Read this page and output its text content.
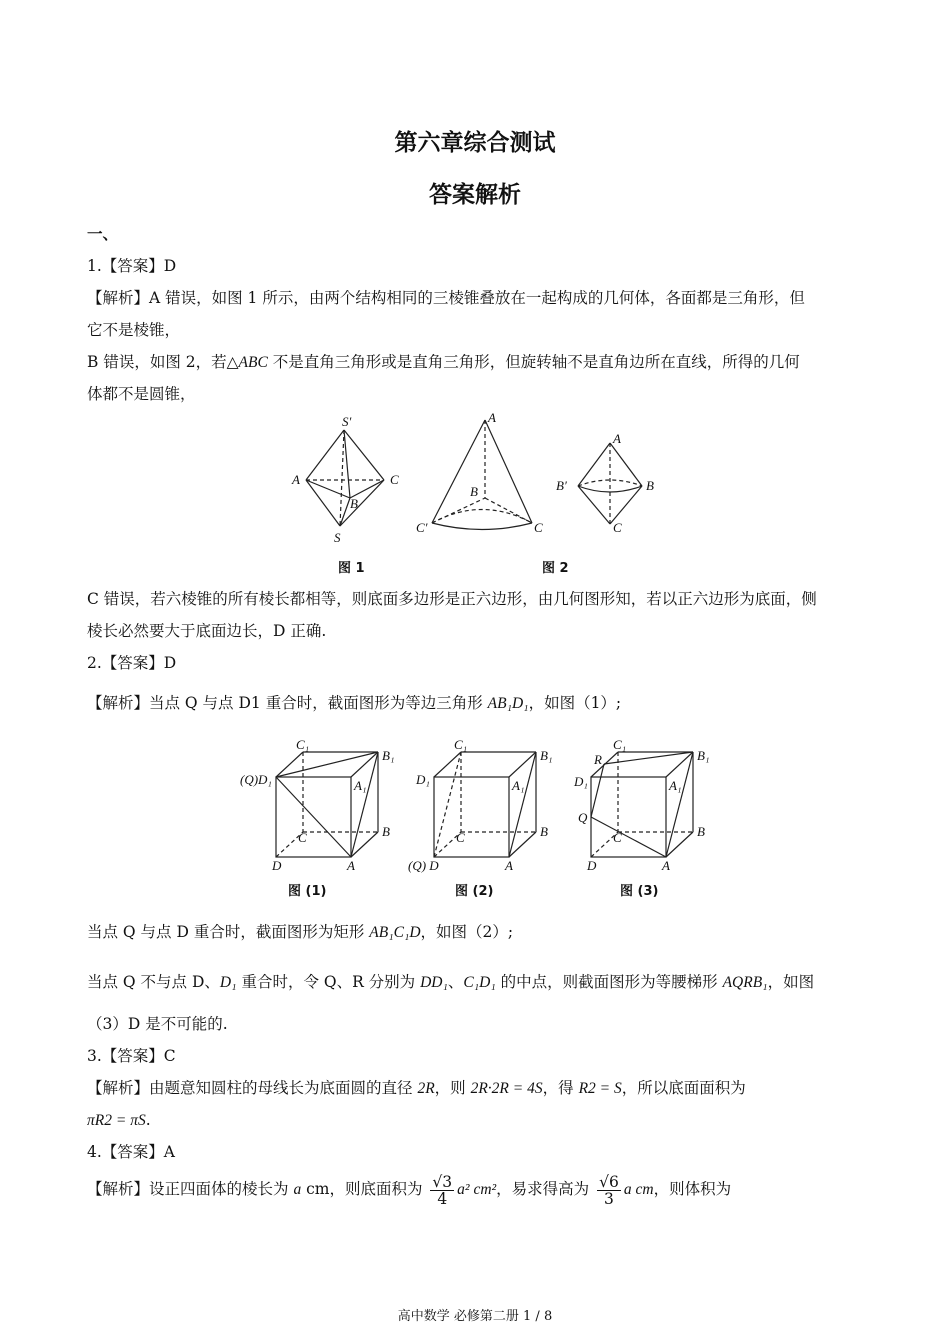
第六章综合测试
答案解析
一、
1.【答案】D
【解析】A 错误，如图 1 所示，由两个结构相同的三棱锥叠放在一起构成的几何体，各面都是三角形，但
它不是棱锥，
B 错误，如图 2，若△ABC 不是直角三角形或是直角三角形，但旋转轴不是直角边所在直线，所得的几何
体都不是圆锥，
S′
A	C
B
S
A
B
C′	C
A
B′	B
C
图 1	图 2
C 错误，若六棱锥的所有棱长都相等，则底面多边形是正六边形，由几何图形知，若以正六边形为底面，侧
棱长必然要大于底面边长，D 正确.
2.【答案】D
【解析】当点 Q 与点 D1 重合时，截面图形为等边三角形 AB₁D₁，如图（1）;
C₁
B₁
(Q)D₁	A₁
C	B
D	A
C₁
B₁
D₁	A₁
C	B
(Q) D	A
C₁
B₁
R
D₁	A₁
Q
C	B
D	A
图 (1)	图 (2)	图 (3)
当点 Q 与点 D 重合时，截面图形为矩形 AB₁C₁D，如图（2）;
当点 Q 不与点 D、D₁ 重合时，令 Q、R 分别为 DD₁、C₁D₁ 的中点，则截面图形为等腰梯形 AQRB₁，如图
（3）D 是不可能的.
3.【答案】C
【解析】由题意知圆柱的母线长为底面圆的直径 2R，则 2R·2R = 4S，得 R2 = S，所以底面面积为
πR2 = πS.
4.【答案】A
【解析】设正四面体的棱长为 a cm，则底面积为 $\frac{√3}{4} a^2$ cm²，易求得高为 $\frac{√6}{3}$ a cm，则体积为
高中数学 必修第二册 1 / 8
